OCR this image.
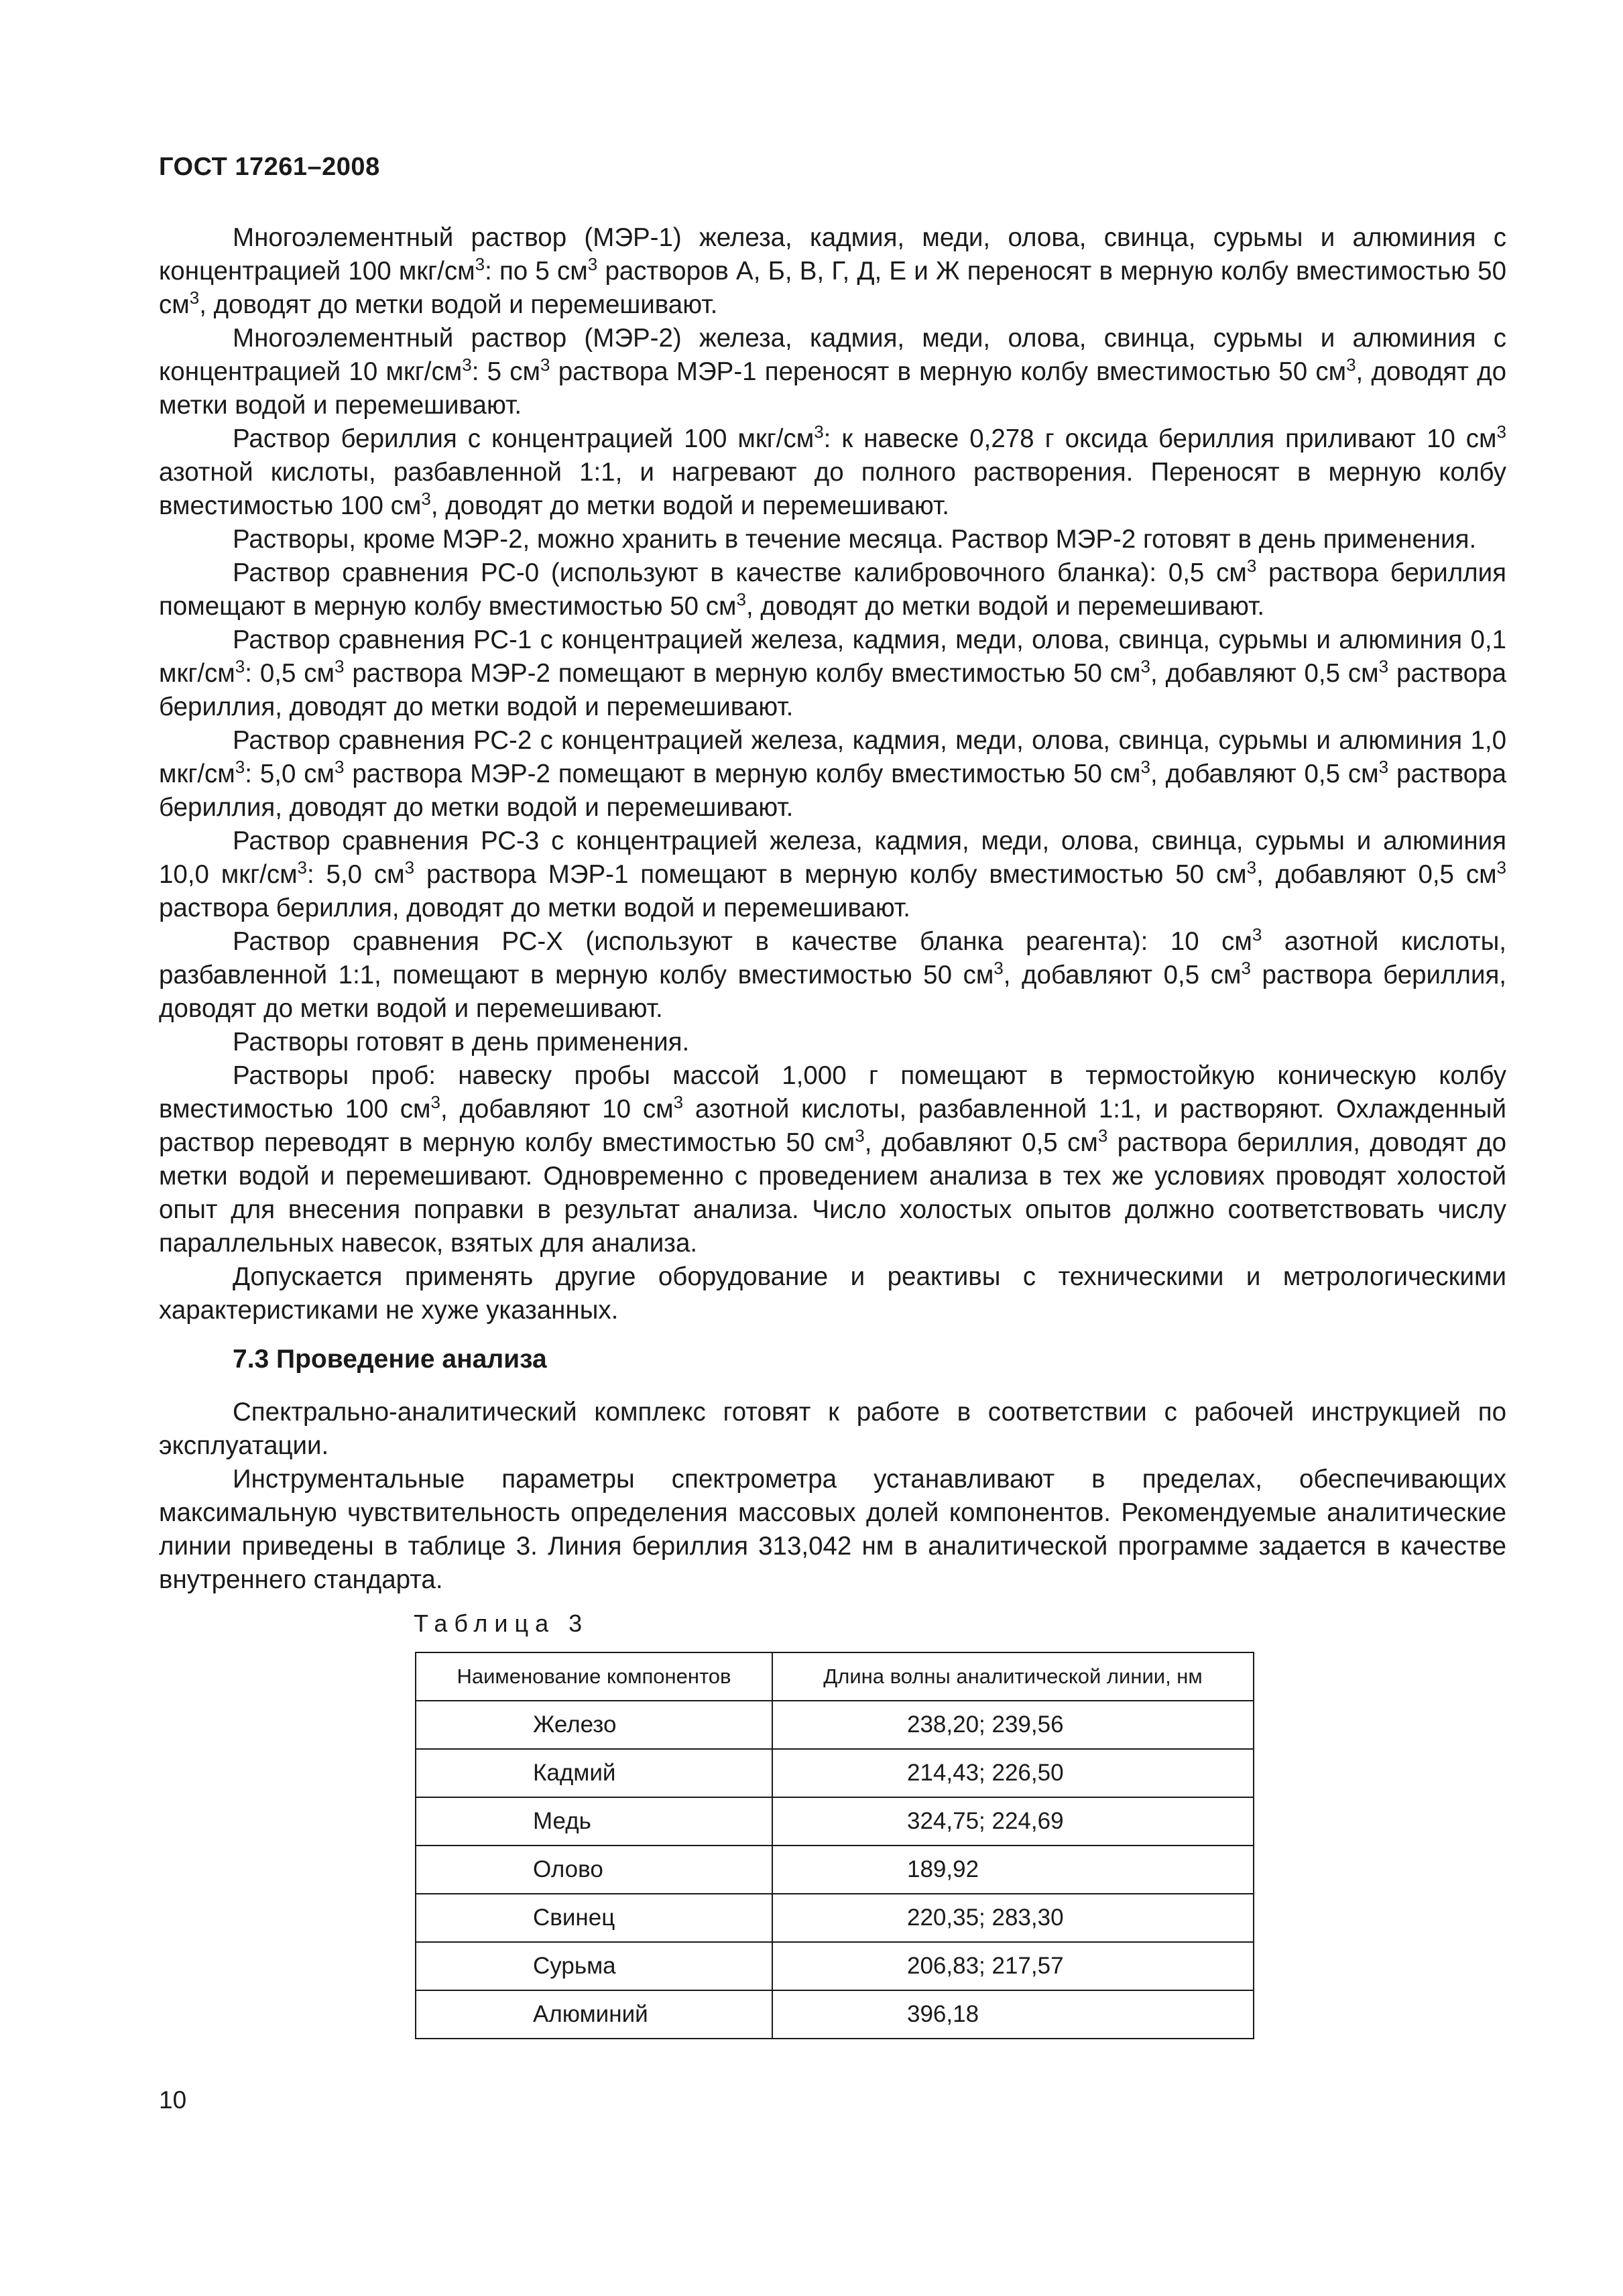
ГОСТ 17261–2008

Многоэлементный раствор (МЭР-1) железа, кадмия, меди, олова, свинца, сурьмы и алюминия с концентрацией 100 мкг/$см^3$: по 5 $см^3$ растворов А, Б, В, Г, Д, Е и Ж переносят в мерную колбу вместимостью 50 $см^3$, доводят до метки водой и перемешивают.

Многоэлементный раствор (МЭР-2) железа, кадмия, меди, олова, свинца, сурьмы и алюминия с концентрацией 10 мкг/$см^3$: 5 $см^3$ раствора МЭР-1 переносят в мерную колбу вместимостью 50 $см^3$, доводят до метки водой и перемешивают.

Раствор бериллия с концентрацией 100 мкг/$см^3$: к навеске 0,278 г оксида бериллия приливают 10 $см^3$ азотной кислоты, разбавленной 1:1, и нагревают до полного растворения. Переносят в мерную колбу вместимостью 100 $см^3$, доводят до метки водой и перемешивают.

Растворы, кроме МЭР-2, можно хранить в течение месяца. Раствор МЭР-2 готовят в день применения.

Раствор сравнения РС-0 (используют в качестве калибровочного бланка): 0,5 $см^3$ раствора бериллия помещают в мерную колбу вместимостью 50 $см^3$, доводят до метки водой и перемешивают.

Раствор сравнения РС-1 с концентрацией железа, кадмия, меди, олова, свинца, сурьмы и алюминия 0,1 мкг/$см^3$: 0,5 $см^3$ раствора МЭР-2 помещают в мерную колбу вместимостью 50 $см^3$, добавляют 0,5 $см^3$ раствора бериллия, доводят до метки водой и перемешивают.

Раствор сравнения РС-2 с концентрацией железа, кадмия, меди, олова, свинца, сурьмы и алюминия 1,0 мкг/$см^3$: 5,0 $см^3$ раствора МЭР-2 помещают в мерную колбу вместимостью 50 $см^3$, добавляют 0,5 $см^3$ раствора бериллия, доводят до метки водой и перемешивают.

Раствор сравнения РС-3 с концентрацией железа, кадмия, меди, олова, свинца, сурьмы и алюминия 10,0 мкг/$см^3$: 5,0 $см^3$ раствора МЭР-1 помещают в мерную колбу вместимостью 50 $см^3$, добавляют 0,5 $см^3$ раствора бериллия, доводят до метки водой и перемешивают.

Раствор сравнения РС-Х (используют в качестве бланка реагента): 10 $см^3$ азотной кислоты, разбавленной 1:1, помещают в мерную колбу вместимостью 50 $см^3$, добавляют 0,5 $см^3$ раствора бериллия, доводят до метки водой и перемешивают.

Растворы готовят в день применения.

Растворы проб: навеску пробы массой 1,000 г помещают в термостойкую коническую колбу вместимостью 100 $см^3$, добавляют 10 $см^3$ азотной кислоты, разбавленной 1:1, и растворяют. Охлажденный раствор переводят в мерную колбу вместимостью 50 $см^3$, добавляют 0,5 $см^3$ раствора бериллия, доводят до метки водой и перемешивают. Одновременно с проведением анализа в тех же условиях проводят холостой опыт для внесения поправки в результат анализа. Число холостых опытов должно соответствовать числу параллельных навесок, взятых для анализа.

Допускается применять другие оборудование и реактивы с техническими и метрологическими характеристиками не хуже указанных.

7.3 Проведение анализа

Спектрально-аналитический комплекс готовят к работе в соответствии с рабочей инструкцией по эксплуатации.

Инструментальные параметры спектрометра устанавливают в пределах, обеспечивающих максимальную чувствительность определения массовых долей компонентов. Рекомендуемые аналитические линии приведены в таблице 3. Линия бериллия 313,042 нм в аналитической программе задается в качестве внутреннего стандарта.

Таблица 3
Наименование компонентов	Длина волны аналитической линии, нм
Железо	238,20; 239,56
Кадмий	214,43; 226,50
Медь	324,75; 224,69
Олово	189,92
Свинец	220,35; 283,30
Сурьма	206,83; 217,57
Алюминий	396,18
10
